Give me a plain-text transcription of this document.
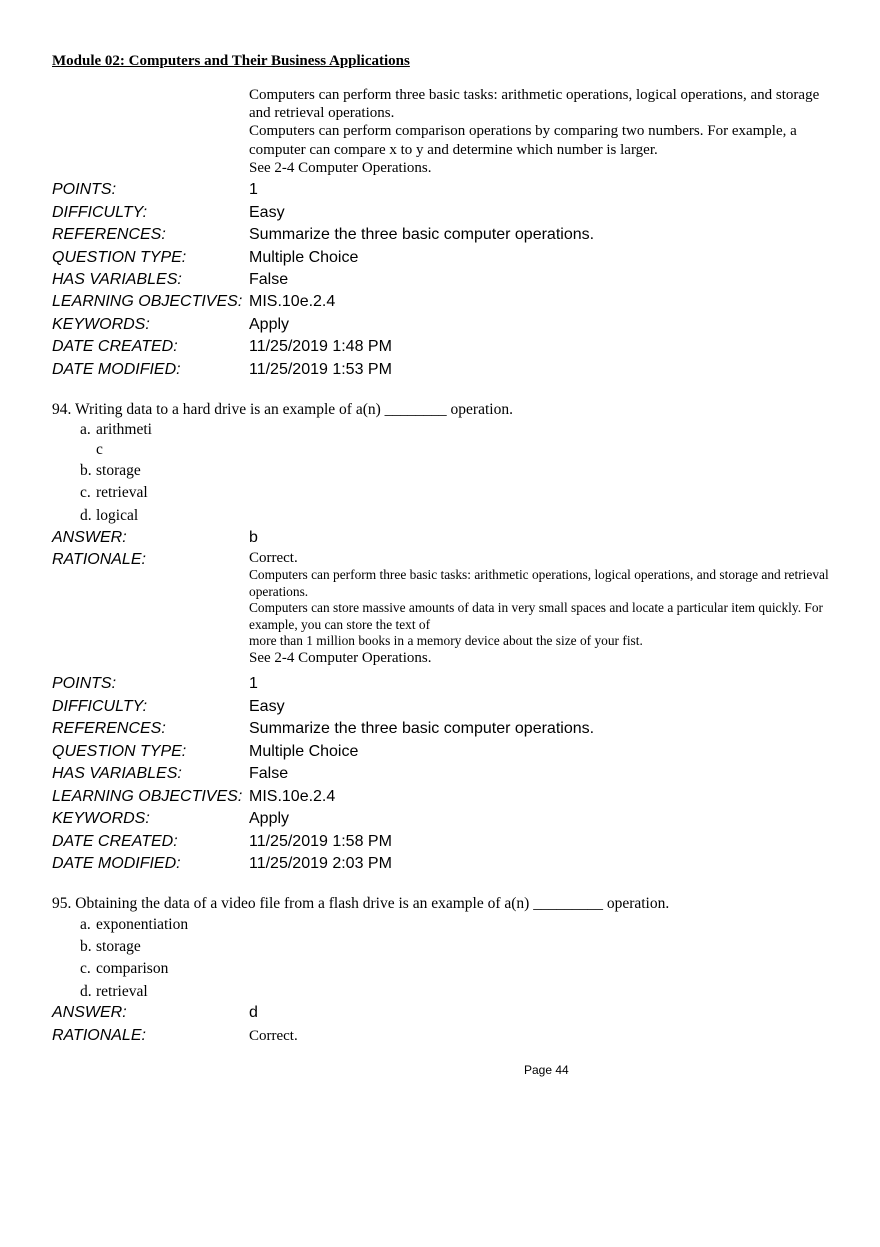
Module 02: Computers and Their Business Applications
Computers can perform three basic tasks: arithmetic operations, logical operations, and storage and retrieval operations.
Computers can perform comparison operations by comparing two numbers. For example, a computer can compare x to y and determine which number is larger.
See 2-4 Computer Operations.
POINTS:	1
DIFFICULTY:	Easy
REFERENCES:	Summarize the three basic computer operations.
QUESTION TYPE:	Multiple Choice
HAS VARIABLES:	False
LEARNING OBJECTIVES: MIS.10e.2.4
KEYWORDS:	Apply
DATE CREATED:	11/25/2019 1:48 PM
DATE MODIFIED:	11/25/2019 1:53 PM
94. Writing data to a hard drive is an example of a(n) ________ operation.
a. arithmeti
c
b. storage
c. retrieval
d. logical
ANSWER:	b
RATIONALE:	Correct.
Computers can perform three basic tasks: arithmetic operations, logical operations, and storage and retrieval operations.
Computers can store massive amounts of data in very small spaces and locate a particular item quickly. For example, you can store the text of
more than 1 million books in a memory device about the size of your fist.
See 2-4 Computer Operations.
POINTS:	1
DIFFICULTY:	Easy
REFERENCES:	Summarize the three basic computer operations.
QUESTION TYPE:	Multiple Choice
HAS VARIABLES:	False
LEARNING OBJECTIVES: MIS.10e.2.4
KEYWORDS:	Apply
DATE CREATED:	11/25/2019 1:58 PM
DATE MODIFIED:	11/25/2019 2:03 PM
95. Obtaining the data of a video file from a flash drive is an example of a(n) _________ operation.
a. exponentiation
b. storage
c. comparison
d. retrieval
ANSWER:	d
RATIONALE:	Correct.
Page 44
